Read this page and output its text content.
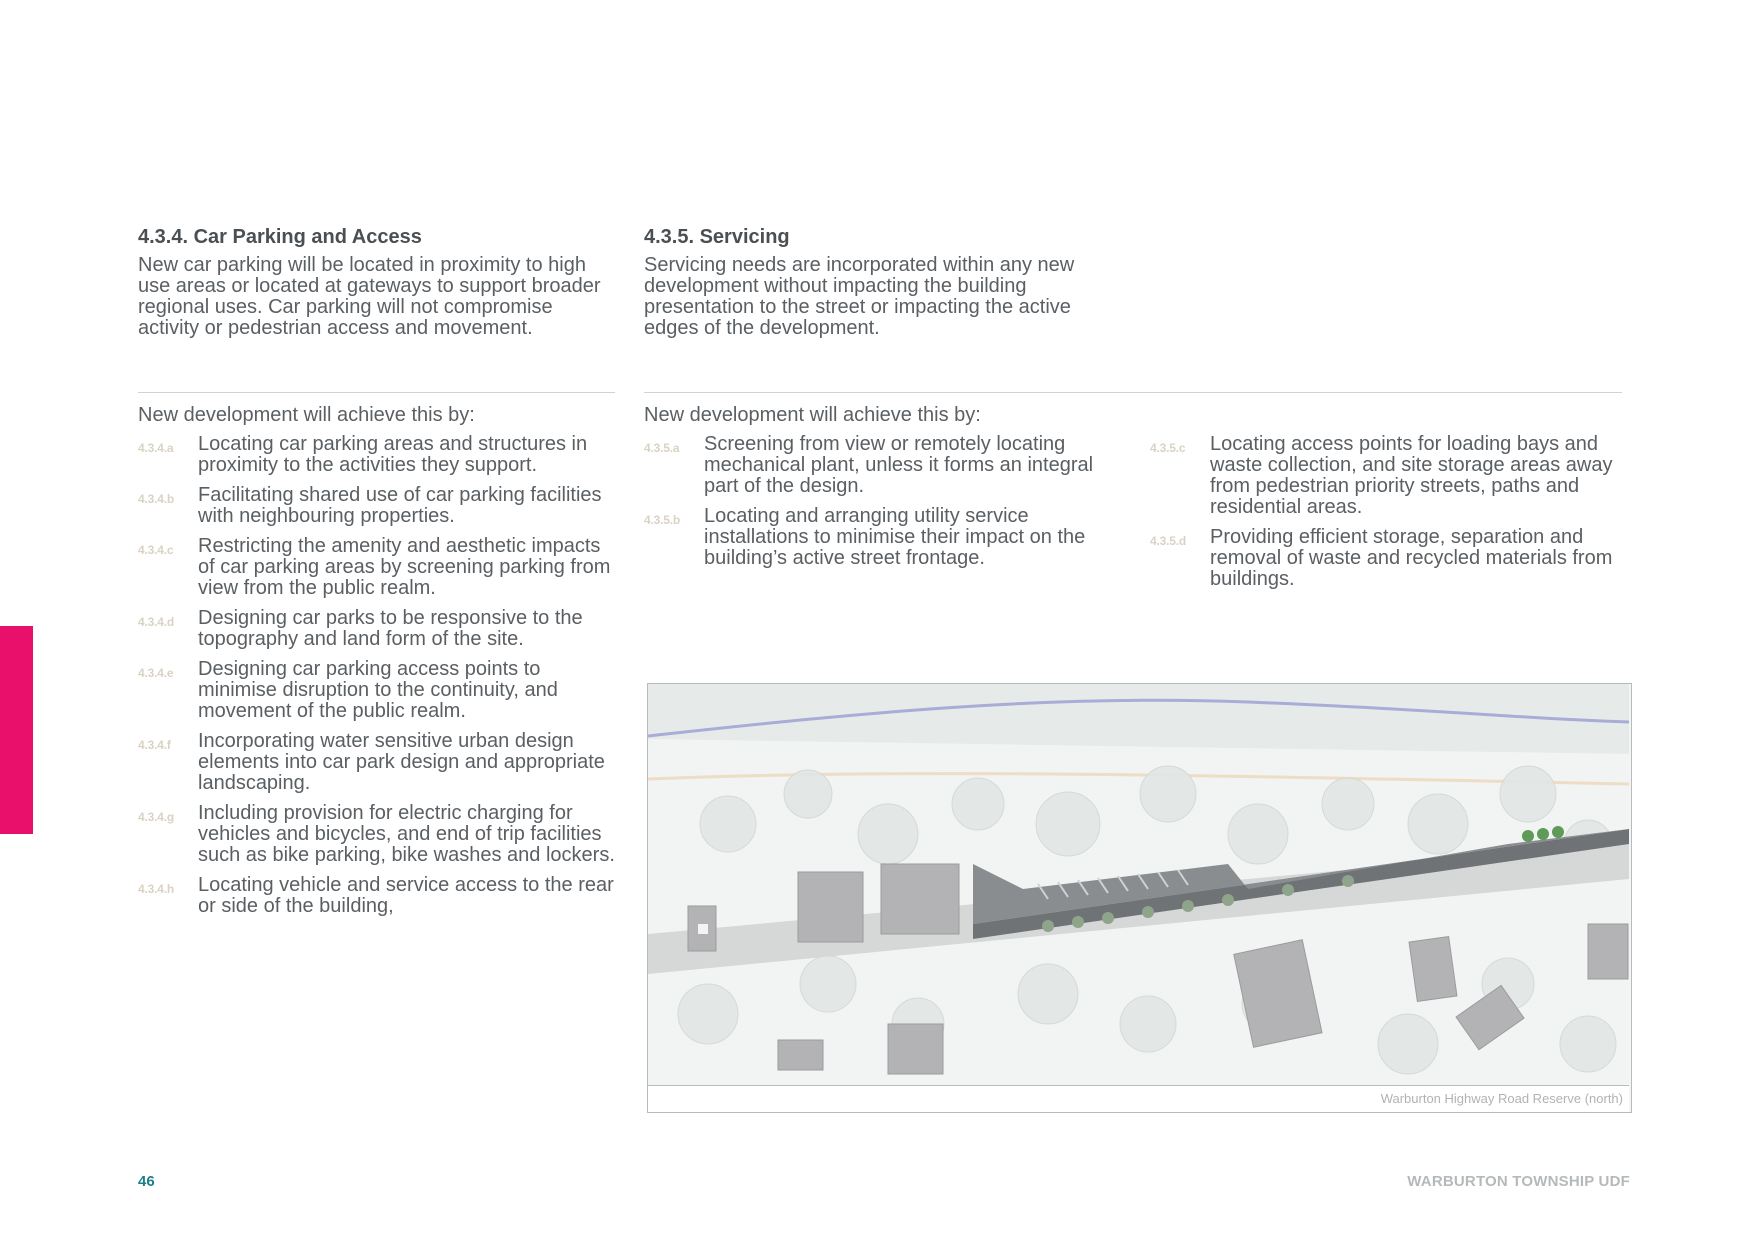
4.3.4. Car Parking and Access

New car parking will be located in proximity to high use areas or located at gateways to support broader regional uses. Car parking will not compromise activity or pedestrian access and movement.

4.3.5. Servicing

Servicing needs are incorporated within any new development without impacting the building presentation to the street or impacting the active edges of the development.

New development will achieve this by:

4.3.4.a Locating car parking areas and structures in proximity to the activities they support.
4.3.4.b Facilitating shared use of car parking facilities with neighbouring properties.
4.3.4.c Restricting the amenity and aesthetic impacts of car parking areas by screening parking from view from the public realm.
4.3.4.d Designing car parks to be responsive to the topography and land form of the site.
4.3.4.e Designing car parking access points to minimise disruption to the continuity, and movement of the public realm.
4.3.4.f Incorporating water sensitive urban design elements into car park design and appropriate landscaping.
4.3.4.g Including provision for electric charging for vehicles and bicycles, and end of trip facilities such as bike parking, bike washes and lockers.
4.3.4.h Locating vehicle and service access to the rear or side of the building,

New development will achieve this by:

4.3.5.a Screening from view or remotely locating mechanical plant, unless it forms an integral part of the design.
4.3.5.b Locating and arranging utility service installations to minimise their impact on the building’s active street frontage.
4.3.5.c Locating access points for loading bays and waste collection, and site storage areas away from pedestrian priority streets, paths and residential areas.
4.3.5.d Providing efficient storage, separation and removal of waste and recycled materials from buildings.
Warburton Highway Road Reserve (north)
46	WARBURTON TOWNSHIP UDF
